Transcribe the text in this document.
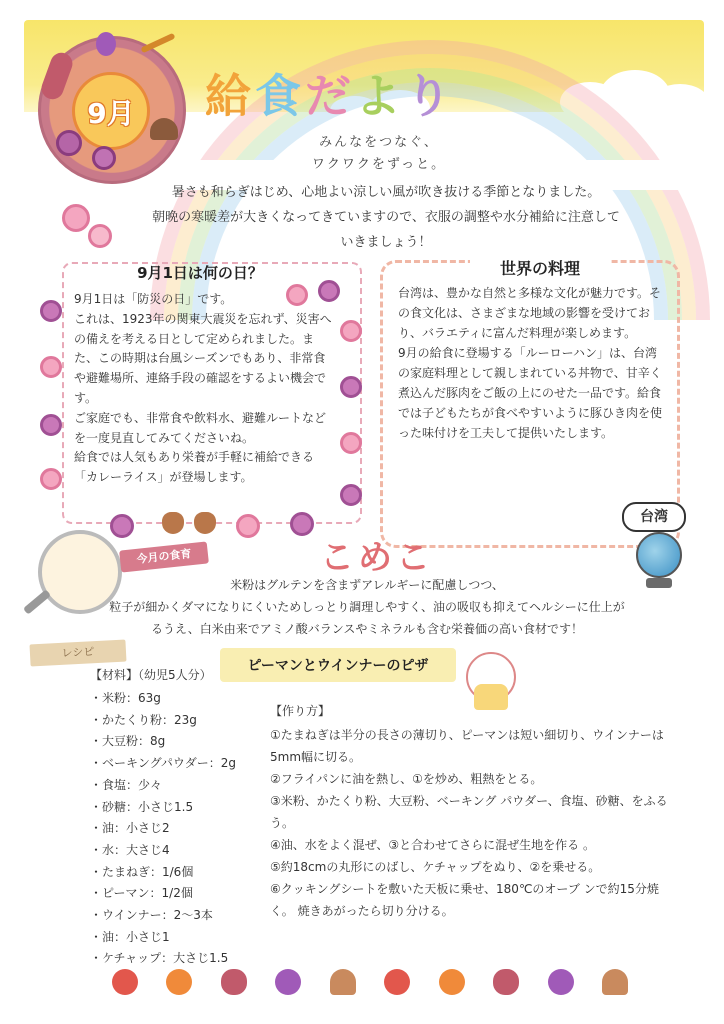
9月	給食だより
みんなをつなぐ、
ワクワクをずっと。
暑さも和らぎはじめ、心地よい涼しい風が吹き抜ける季節となりました。
朝晩の寒暖差が大きくなってきていますので、衣服の調整や水分補給に注意して
いきましょう！
9月1日は何の日？

9月1日は「防災の日」です。

これは、1923年の関東大震災を忘れず、災害への備えを考える日として定められました。また、この時期は台風シーズンでもあり、非常食や避難場所、連絡手段の確認をするよい機会です。

ご家庭でも、非常食や飲料水、避難ルートなどを一度見直してみてくださいね。

給食では人気もあり栄養が手軽に補給できる「カレーライス」が登場します。

世界の料理

台湾は、豊かな自然と多様な文化が魅力です。その食文化は、さまざまな地域の影響を受けており、バラエティに富んだ料理が楽しめます。

9月の給食に登場する「ルーローハン」は、台湾の家庭料理として親しまれている丼物で、甘辛く煮込んだ豚肉をご飯の上にのせた一品です。給食では子どもたちが食べやすいように豚ひき肉を使った味付けを工夫して提供いたします。

台湾
今月の食育	こめこ
米粉はグルテンを含まずアレルギーに配慮しつつ、
粒子が細かくダマになりにくいためしっとり調理しやすく、油の吸収も抑えてヘルシーに仕上が
るうえ、白米由来でアミノ酸バランスやミネラルも含む栄養価の高い食材です！
レシピ
ピーマンとウインナーのピザ
【材料】（幼児5人分）
・米粉：63g
・かたくり粉：23g
・大豆粉：8g
・ベーキングパウダー：2g
・食塩：少々
・砂糖：小さじ1.5
・油：小さじ2
・水：大さじ4
・たまねぎ：1/6個
・ピーマン：1/2個
・ウインナー：2〜3本
・油：小さじ1
・ケチャップ：大さじ1.5
【作り方】
①たまねぎは半分の長さの薄切り、ピーマンは短い細切り、ウインナーは5mm幅に切る。
②フライパンに油を熱し、①を炒め、粗熱をとる。
③米粉、かたくり粉、大豆粉、ベーキング パウダー、食塩、砂糖、をふるう。
④油、水をよく混ぜ、③と合わせてさらに混ぜ生地を作る 。
⑤約18cmの丸形にのばし、ケチャップをぬり、②を乗せる。
⑥クッキングシートを敷いた天板に乗せ、180℃のオーブ ンで約15分焼く。 焼きあがったら切り分ける。
